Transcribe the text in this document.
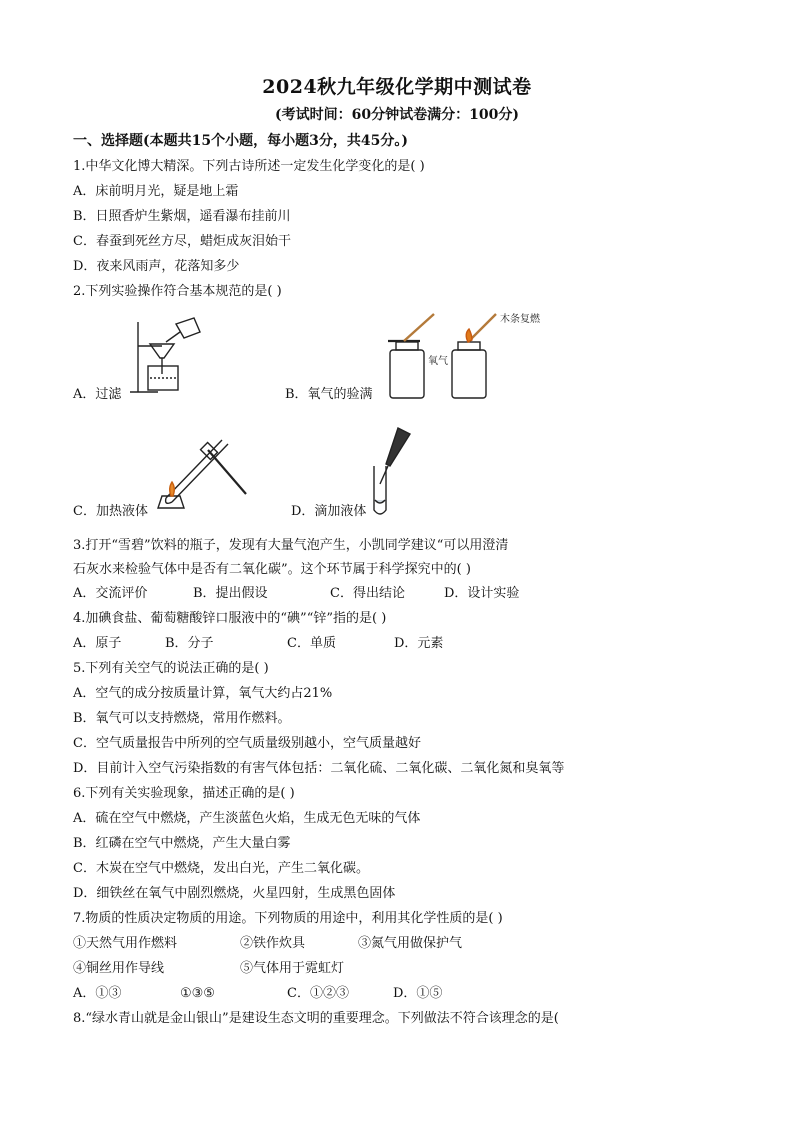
2024秋九年级化学期中测试卷
(考试时间：60分钟试卷满分：100分)
一、选择题(本题共15个小题，每小题3分，共45分。)
1.中华文化博大精深。下列古诗所述一定发生化学变化的是( )
A．床前明月光，疑是地上霜
B．日照香炉生紫烟，遥看瀑布挂前川
C．春蚕到死丝方尽，蜡炬成灰泪始干
D．夜来风雨声，花落知多少
2.下列实验操作符合基本规范的是( )
A．过滤
氧气
木条复燃
B．氧气的验满
C．加热液体	D．滴加液体
3.打开“雪碧”饮料的瓶子，发现有大量气泡产生，小凯同学建议“可以用澄清
石灰水来检验气体中是否有二氧化碳”。这个环节属于科学探究中的( )
A．交流评价	B．提出假设	C．得出结论	D．设计实验
4.加碘食盐、葡萄糖酸锌口服液中的“碘”“锌”指的是( )
A．原子	B．分子	C．单质	D．元素
5.下列有关空气的说法正确的是( )
A．空气的成分按质量计算，氧气大约占21%
B．氧气可以支持燃烧，常用作燃料。
C．空气质量报告中所列的空气质量级别越小，空气质量越好
D．目前计入空气污染指数的有害气体包括：二氧化硫、二氧化碳、二氧化氮和臭氧等
6.下列有关实验现象，描述正确的是( )
A．硫在空气中燃烧，产生淡蓝色火焰，生成无色无味的气体
B．红磷在空气中燃烧，产生大量白雾
C．木炭在空气中燃烧，发出白光，产生二氧化碳。
D．细铁丝在氧气中剧烈燃烧，火星四射，生成黑色固体
7.物质的性质决定物质的用途。下列物质的用途中，利用其化学性质的是( )
①天然气用作燃料	②铁作炊具	③氮气用做保护气
④铜丝用作导线	⑤气体用于霓虹灯
A．①③	①③⑤	C．①②③	D．①⑤
8.“绿水青山就是金山银山”是建设生态文明的重要理念。下列做法不符合该理念的是(
